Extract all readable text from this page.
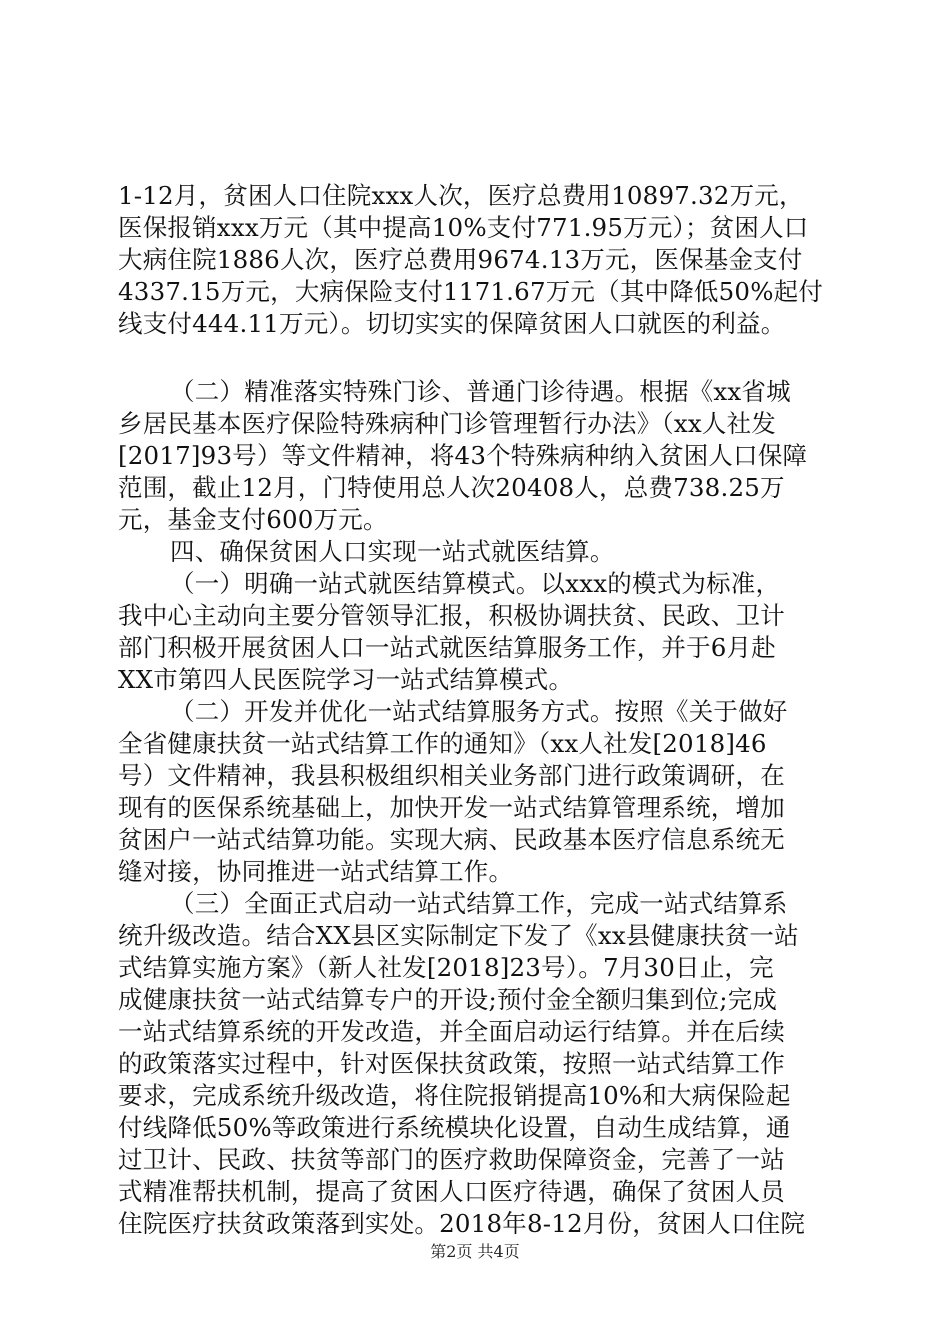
1-12月，贫困人口住院xxx人次，医疗总费用10897.32万元，
医保报销xxx万元（其中提高10%支付771.95万元）；贫困人口
大病住院1886人次，医疗总费用9674.13万元，医保基金支付
4337.15万元，大病保险支付1171.67万元（其中降低50%起付
线支付444.11万元）。切切实实的保障贫困人口就医的利益。
（二）精准落实特殊门诊、普通门诊待遇。根据《xx省城
乡居民基本医疗保险特殊病种门诊管理暂行办法》（xx人社发
[2017]93号）等文件精神，将43个特殊病种纳入贫困人口保障
范围，截止12月，门特使用总人次20408人，总费738.25万
元，基金支付600万元。
四、确保贫困人口实现一站式就医结算。
（一）明确一站式就医结算模式。以xxx的模式为标准，
我中心主动向主要分管领导汇报，积极协调扶贫、民政、卫计
部门积极开展贫困人口一站式就医结算服务工作，并于6月赴
XX市第四人民医院学习一站式结算模式。
（二）开发并优化一站式结算服务方式。按照《关于做好
全省健康扶贫一站式结算工作的通知》（xx人社发[2018]46
号）文件精神，我县积极组织相关业务部门进行政策调研，在
现有的医保系统基础上，加快开发一站式结算管理系统，增加
贫困户一站式结算功能。实现大病、民政基本医疗信息系统无
缝对接，协同推进一站式结算工作。
（三）全面正式启动一站式结算工作，完成一站式结算系
统升级改造。结合XX县区实际制定下发了《xx县健康扶贫一站
式结算实施方案》（新人社发[2018]23号）。7月30日止，完
成健康扶贫一站式结算专户的开设;预付金全额归集到位;完成
一站式结算系统的开发改造，并全面启动运行结算。并在后续
的政策落实过程中，针对医保扶贫政策，按照一站式结算工作
要求，完成系统升级改造，将住院报销提高10%和大病保险起
付线降低50%等政策进行系统模块化设置，自动生成结算，通
过卫计、民政、扶贫等部门的医疗救助保障资金，完善了一站
式精准帮扶机制，提高了贫困人口医疗待遇，确保了贫困人员
住院医疗扶贫政策落到实处。2018年8-12月份，贫困人口住院
第2页 共4页
